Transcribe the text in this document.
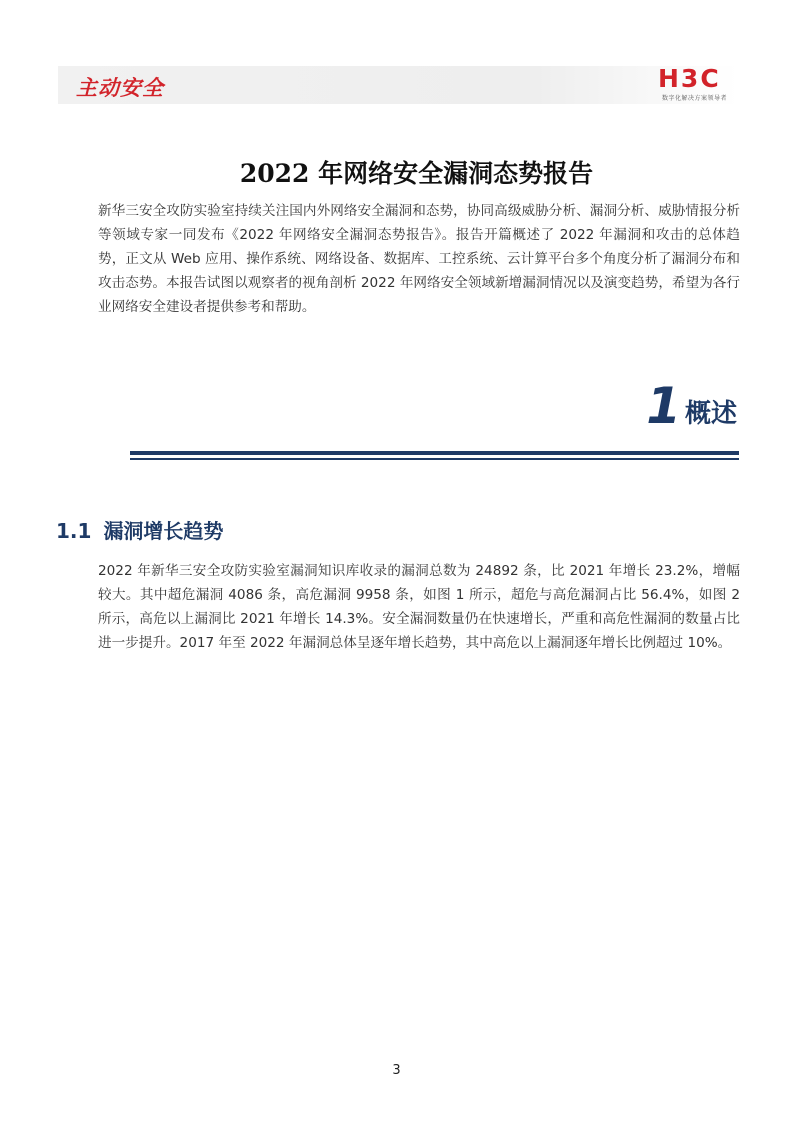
主动安全	H3C
数字化解决方案领导者
2022 年网络安全漏洞态势报告

新华三安全攻防实验室持续关注国内外网络安全漏洞和态势，协同高级威胁分析、漏洞分析、威胁情报分析等领域专家一同发布《2022 年网络安全漏洞态势报告》。报告开篇概述了 2022 年漏洞和攻击的总体趋势，正文从 Web 应用、操作系统、网络设备、数据库、工控系统、云计算平台多个角度分析了漏洞分布和攻击态势。本报告试图以观察者的视角剖析 2022 年网络安全领域新增漏洞情况以及演变趋势，希望为各行业网络安全建设者提供参考和帮助。

1 概述
1.1 漏洞增长趋势

2022 年新华三安全攻防实验室漏洞知识库收录的漏洞总数为 24892 条，比 2021 年增长 23.2%，增幅较大。其中超危漏洞 4086 条，高危漏洞 9958 条，如图 1 所示，超危与高危漏洞占比 56.4%，如图 2 所示，高危以上漏洞比 2021 年增长 14.3%。安全漏洞数量仍在快速增长，严重和高危性漏洞的数量占比进一步提升。2017 年至 2022 年漏洞总体呈逐年增长趋势，其中高危以上漏洞逐年增长比例超过 10%。

3
